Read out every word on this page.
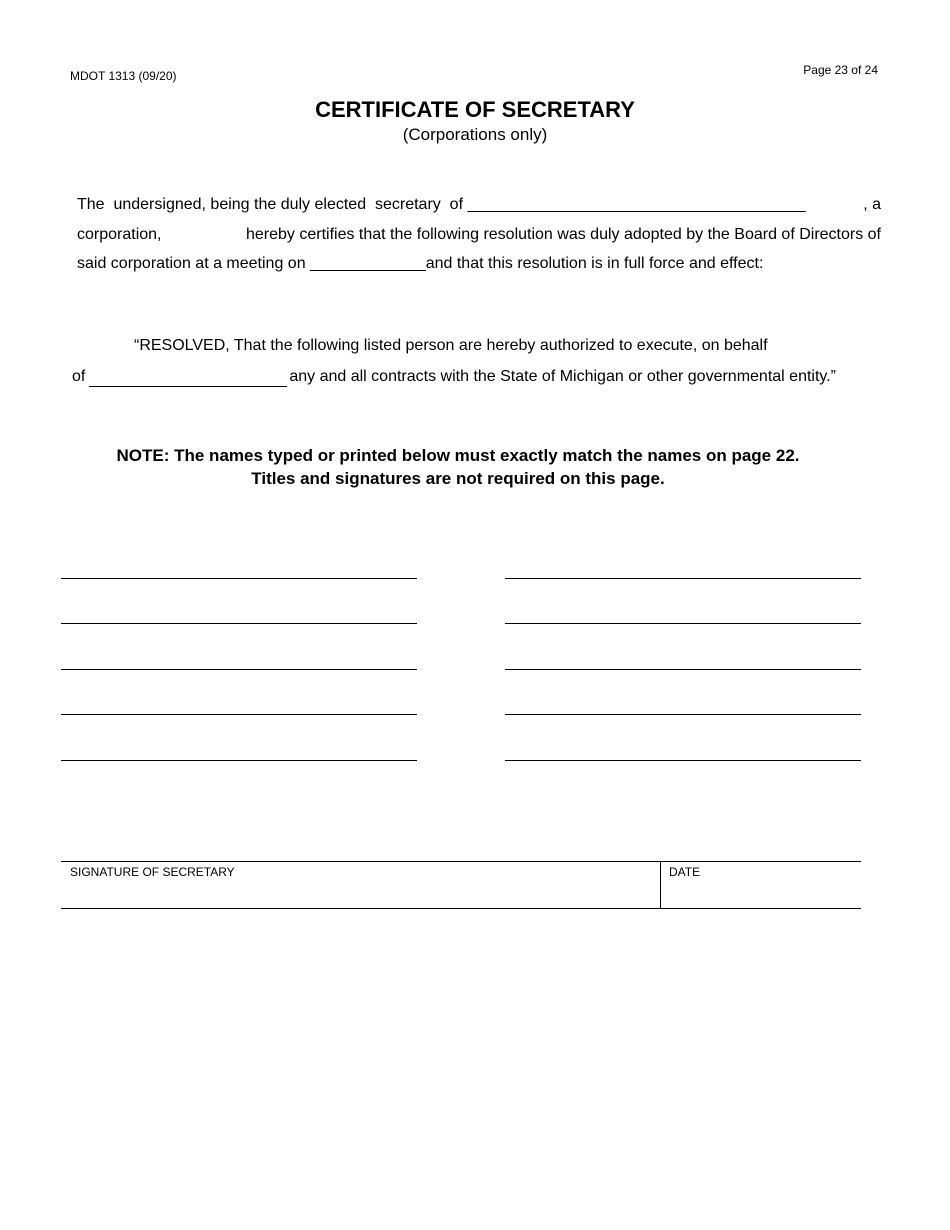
MDOT 1313 (09/20)	Page 23 of 24
CERTIFICATE OF SECRETARY
(Corporations only)
The  undersigned, being the duly elected  secretary  of ______________________________________	, a
corporation,	hereby certifies that the following resolution was duly adopted by the Board of Directors of
said corporation at a meeting on _____________and that this resolution is in full force and effect:
“RESOLVED, That the following listed person are hereby authorized to execute, on behalf
of	any and all contracts with the State of Michigan or other governmental entity.”
NOTE: The names typed or printed below must exactly match the names on page 22.
Titles and signatures are not required on this page.
SIGNATURE OF SECRETARY	DATE
